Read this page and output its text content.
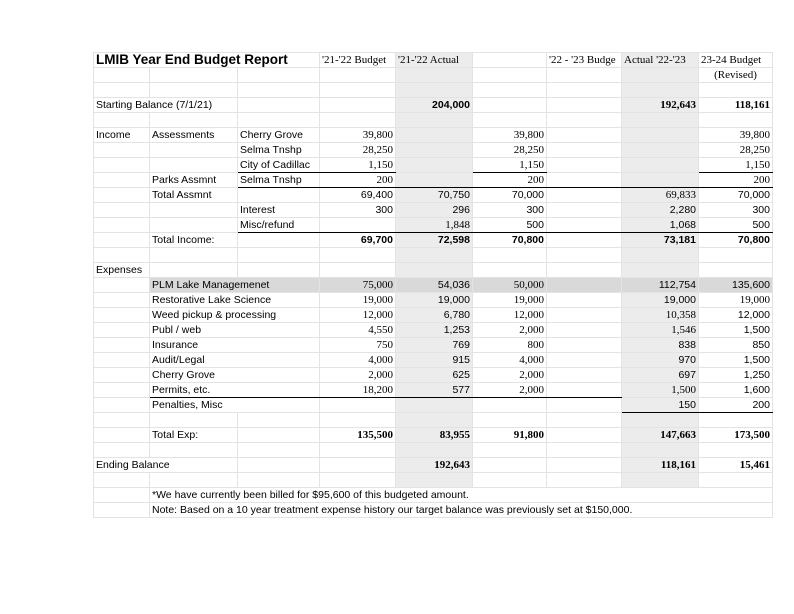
LMIB Year End Budget Report			'21-'22 Budget	'21-'22 Actual		'22 - '23 Budge	Actual '22-'23	23-24 Budget
								(Revised)

Starting Balance (7/1/21)				204,000			192,643	118,161

Income	Assessments	Cherry Grove	39,800		39,800			39,800
		Selma Tnshp	28,250		28,250			28,250
		City of Cadillac	1,150		1,150			1,150
	Parks Assmnt	Selma Tnshp	200		200			200
	Total Assmnt		69,400	70,750	70,000		69,833	70,000
		Interest	300	296	300		2,280	300
		Misc/refund		1,848	500		1,068	500
	Total Income:		69,700	72,598	70,800		73,181	70,800

Expenses								
	PLM Lake Managemenet		75,000	54,036	50,000		112,754	135,600
	Restorative Lake Science		19,000	19,000	19,000		19,000	19,000
	Weed pickup & processing		12,000	6,780	12,000		10,358	12,000
	Publ / web		4,550	1,253	2,000		1,546	1,500
	Insurance		750	769	800		838	850
	Audit/Legal		4,000	915	4,000		970	1,500
	Cherry Grove		2,000	625	2,000		697	1,250
	Permits, etc.		18,200	577	2,000		1,500	1,600
	Penalties, Misc						150	200

	Total Exp:		135,500	83,955	91,800		147,663	173,500

Ending Balance				192,643			118,161	15,461

	*We have currently been billed for $95,600 of this budgeted amount.							
	Note: Based on a 10 year treatment expense history our target balance was previously set at $150,000.							
